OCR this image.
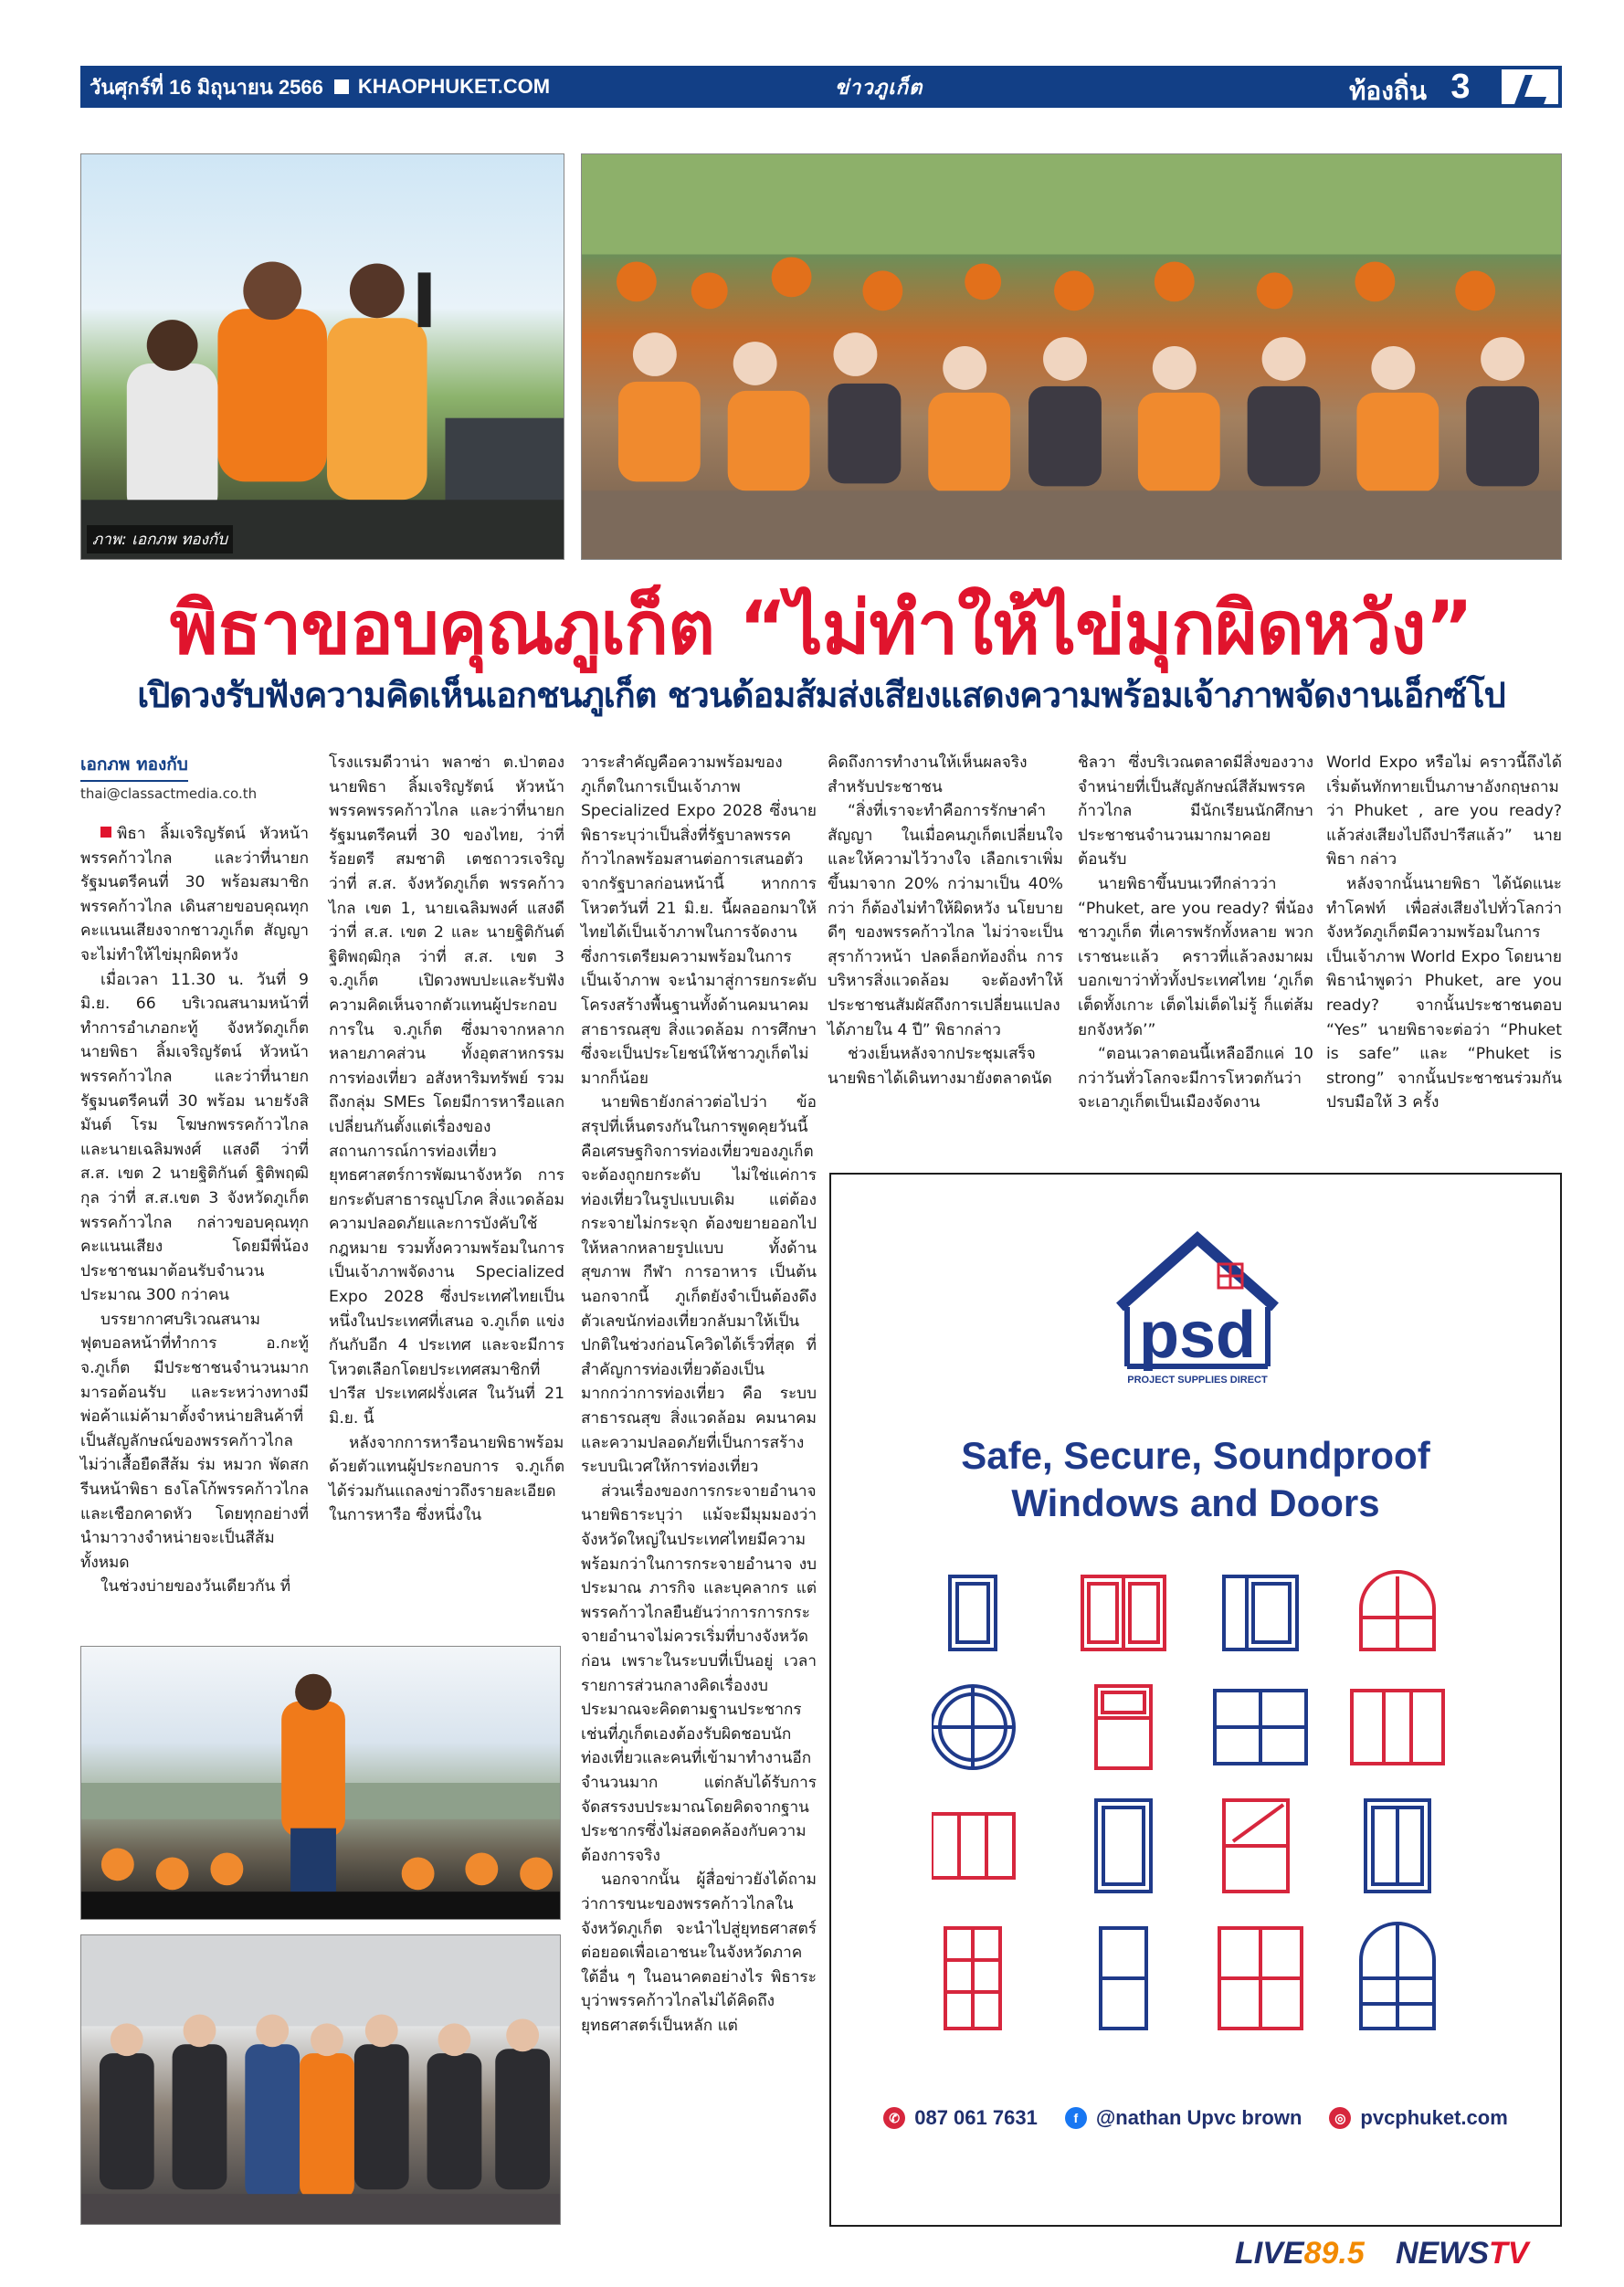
วันศุกร์ที่ 16 มิถุนายน 2566 KHAOPHUKET.COM	ข่าวภูเก็ต	ท้องถิ่น 3
ภาพ: เอกภพ ทองกับ
พิธาขอบคุณภูเก็ต “ไม่ทำให้ไข่มุกผิดหวัง”
เปิดวงรับฟังความคิดเห็นเอกชนภูเก็ต ชวนด้อมส้มส่งเสียงแสดงความพร้อมเจ้าภาพจัดงานเอ็กซ์โป
เอกภพ ทองกับ
thai@classactmedia.co.th

พิธา ลิ้มเจริญรัตน์ หัวหน้าพรรคก้าวไกล และว่าที่นายกรัฐมนตรีคนที่ 30 พร้อมสมาชิกพรรคก้าวไกล เดินสายขอบคุณทุกคะแนนเสียงจากชาวภูเก็ต สัญญาจะไม่ทำให้ไข่มุกผิดหวัง

เมื่อเวลา 11.30 น. วันที่ 9 มิ.ย. 66 บริเวณสนามหน้าที่ทำการอำเภอกะทู้ จังหวัดภูเก็ต นายพิธา ลิ้มเจริญรัตน์ หัวหน้าพรรคก้าวไกล และว่าที่นายกรัฐมนตรีคนที่ 30 พร้อม นายรังสิมันต์ โรม โฆษกพรรคก้าวไกล และนายเฉลิมพงศ์ แสงดี ว่าที่ ส.ส. เขต 2 นายฐิติกันต์ ฐิติพฤฒิกุล ว่าที่ ส.ส.เขต 3 จังหวัดภูเก็ต พรรคก้าวไกล กล่าวขอบคุณทุกคะแนนเสียง โดยมีพี่น้องประชาชนมาต้อนรับจำนวนประมาณ 300 กว่าคน

บรรยากาศบริเวณสนามฟุตบอลหน้าที่ทำการ อ.กะทู้ จ.ภูเก็ต มีประชาชนจำนวนมากมารอต้อนรับ และระหว่างทางมีพ่อค้าแม่ค้ามาตั้งจำหน่ายสินค้าที่เป็นสัญลักษณ์ของพรรคก้าวไกล ไม่ว่าเสื้อยืดสีส้ม ร่ม หมวก พัดสกรีนหน้าพิธา ธงโลโก้พรรคก้าวไกล และเชือกคาดหัว โดยทุกอย่างที่นำมาวางจำหน่ายจะเป็นสีส้มทั้งหมด

ในช่วงบ่ายของวันเดียวกัน ที่

โรงแรมดีวาน่า พลาซ่า ต.ป่าตอง นายพิธา ลิ้มเจริญรัตน์ หัวหน้าพรรคพรรคก้าวไกล และว่าที่นายกรัฐมนตรีคนที่ 30 ของไทย, ว่าที่ร้อยตรี สมชาติ เตชถาวรเจริญ ว่าที่ ส.ส. จังหวัดภูเก็ต พรรคก้าวไกล เขต 1, นายเฉลิมพงศ์ แสงดี ว่าที่ ส.ส. เขต 2 และ นายฐิติกันต์ ฐิติพฤฒิกุล ว่าที่ ส.ส. เขต 3 จ.ภูเก็ต เปิดวงพบปะและรับฟังความคิดเห็นจากตัวแทนผู้ประกอบการใน จ.ภูเก็ต ซึ่งมาจากหลากหลายภาคส่วน ทั้งอุตสาหกรรม การท่องเที่ยว อสังหาริมทรัพย์ รวมถึงกลุ่ม SMEs โดยมีการหารือแลกเปลี่ยนกันตั้งแต่เรื่องของสถานการณ์การท่องเที่ยว ยุทธศาสตร์การพัฒนาจังหวัด การยกระดับสาธารณูปโภค สิ่งแวดล้อม ความปลอดภัยและการบังคับใช้กฎหมาย รวมทั้งความพร้อมในการเป็นเจ้าภาพจัดงาน Specialized Expo 2028 ซึ่งประเทศไทยเป็นหนึ่งในประเทศที่เสนอ จ.ภูเก็ต แข่งกันกับอีก 4 ประเทศ และจะมีการโหวตเลือกโดยประเทศสมาชิกที่ปารีส ประเทศฝรั่งเศส ในวันที่ 21 มิ.ย. นี้

หลังจากการหารือนายพิธาพร้อมด้วยตัวแทนผู้ประกอบการ จ.ภูเก็ต ได้ร่วมกันแถลงข่าวถึงรายละเอียดในการหารือ ซึ่งหนึ่งใน

วาระสำคัญคือความพร้อมของภูเก็ตในการเป็นเจ้าภาพ Specialized Expo 2028 ซึ่งนายพิธาระบุว่าเป็นสิ่งที่รัฐบาลพรรคก้าวไกลพร้อมสานต่อการเสนอตัวจากรัฐบาลก่อนหน้านี้ หากการโหวตวันที่ 21 มิ.ย. นี้ผลออกมาให้ไทยได้เป็นเจ้าภาพในการจัดงาน ซึ่งการเตรียมความพร้อมในการเป็นเจ้าภาพ จะนำมาสู่การยกระดับโครงสร้างพื้นฐานทั้งด้านคมนาคม สาธารณสุข สิ่งแวดล้อม การศึกษา ซึ่งจะเป็นประโยชน์ให้ชาวภูเก็ตไม่มากก็น้อย

นายพิธายังกล่าวต่อไปว่า ข้อสรุปที่เห็นตรงกันในการพูดคุยวันนี้ คือเศรษฐกิจการท่องเที่ยวของภูเก็ตจะต้องถูกยกระดับ ไม่ใช่แค่การท่องเที่ยวในรูปแบบเดิม แต่ต้องกระจายไม่กระจุก ต้องขยายออกไปให้หลากหลายรูปแบบ ทั้งด้านสุขภาพ กีฬา การอาหาร เป็นต้น นอกจากนี้ ภูเก็ตยังจำเป็นต้องดึงตัวเลขนักท่องเที่ยวกลับมาให้เป็นปกติในช่วงก่อนโควิดได้เร็วที่สุด ที่สำคัญการท่องเที่ยวต้องเป็นมากกว่าการท่องเที่ยว คือ ระบบสาธารณสุข สิ่งแวดล้อม คมนาคม และความปลอดภัยที่เป็นการสร้างระบบนิเวศให้การท่องเที่ยว

ส่วนเรื่องของการกระจายอำนาจ นายพิธาระบุว่า แม้จะมีมุมมองว่าจังหวัดใหญ่ในประเทศไทยมีความพร้อมกว่าในการกระจายอำนาจ งบประมาณ ภารกิจ และบุคลากร แต่พรรคก้าวไกลยืนยันว่าการการกระจายอำนาจไม่ควรเริ่มที่บางจังหวัดก่อน เพราะในระบบที่เป็นอยู่ เวลารายการส่วนกลางคิดเรื่องงบประมาณจะคิดตามฐานประชากร เช่นที่ภูเก็ตเองต้องรับผิดชอบนักท่องเที่ยวและคนที่เข้ามาทำงานอีกจำนวนมาก แต่กลับได้รับการจัดสรรงบประมาณโดยคิดจากฐานประชากรซึ่งไม่สอดคล้องกับความต้องการจริง

นอกจากนั้น ผู้สื่อข่าวยังได้ถามว่าการขนะของพรรคก้าวไกลในจังหวัดภูเก็ต จะนำไปสู่ยุทธศาสตร์ต่อยอดเพื่อเอาชนะในจังหวัดภาคใต้อื่น ๆ ในอนาคตอย่างไร พิธาระบุว่าพรรคก้าวไกลไม่ได้คิดถึงยุทธศาสตร์เป็นหลัก แต่

คิดถึงการทำงานให้เห็นผลจริงสำหรับประชาชน

“สิ่งที่เราจะทำคือการรักษาคำสัญญา ในเมื่อคนภูเก็ตเปลี่ยนใจและให้ความไว้วางใจ เลือกเราเพิ่มขึ้นมาจาก 20% กว่ามาเป็น 40% กว่า ก็ต้องไม่ทำให้ผิดหวัง นโยบายดีๆ ของพรรคก้าวไกล ไม่ว่าจะเป็นสุราก้าวหน้า ปลดล็อกท้องถิ่น การบริหารสิ่งแวดล้อม จะต้องทำให้ประชาชนสัมผัสถึงการเปลี่ยนแปลงได้ภายใน 4 ปี” พิธากล่าว

ช่วงเย็นหลังจากประชุมเสร็จนายพิธาได้เดินทางมายังตลาดนัด

ชิลวา ซึ่งบริเวณตลาดมีสิ่งของวางจำหน่ายที่เป็นสัญลักษณ์สีส้มพรรคก้าวไกล มีนักเรียนนักศึกษาประชาชนจำนวนมากมาคอยต้อนรับ

นายพิธาขึ้นบนเวทีกล่าวว่า “Phuket, are you ready? พี่น้องชาวภูเก็ต ที่เคารพรักทั้งหลาย พวกเราชนะแล้ว คราวที่แล้วลงมาผมบอกเขาว่าทั่วทั้งประเทศไทย ‘ภูเก็ตเต็ดทั้งเกาะ เต็ดไม่เต็ดไม่รู้ ก็แต่ส้มยกจังหวัด’”

“ตอนเวลาตอนนี้เหลืออีกแค่ 10 กว่าวันทั่วโลกจะมีการโหวตกันว่าจะเอาภูเก็ตเป็นเมืองจัดงาน

World Expo หรือไม่ คราวนี้ถึงได้เริ่มต้นทักทายเป็นภาษาอังกฤษถามว่า Phuket , are you ready? แล้วส่งเสียงไปถึงปารีสแล้ว” นายพิธา กล่าว

หลังจากนั้นนายพิธา ได้นัดแนะทำโคฟท์ เพื่อส่งเสียงไปทั่วโลกว่าจังหวัดภูเก็ตมีความพร้อมในการเป็นเจ้าภาพ World Expo โดยนายพิธานำพูดว่า Phuket, are you ready? จากนั้นประชาชนตอบ “Yes” นายพิธาจะต่อว่า “Phuket is safe” และ “Phuket is strong” จากนั้นประชาชนร่วมกันปรบมือให้ 3 ครั้ง

psd
PROJECT SUPPLIES DIRECT
Safe, Secure, Soundproof
Windows and Doors
✆ 087 061 7631	f @nathan Upvc brown	◎ pvcphuket.com
LIVE89.5 NEWSTV
